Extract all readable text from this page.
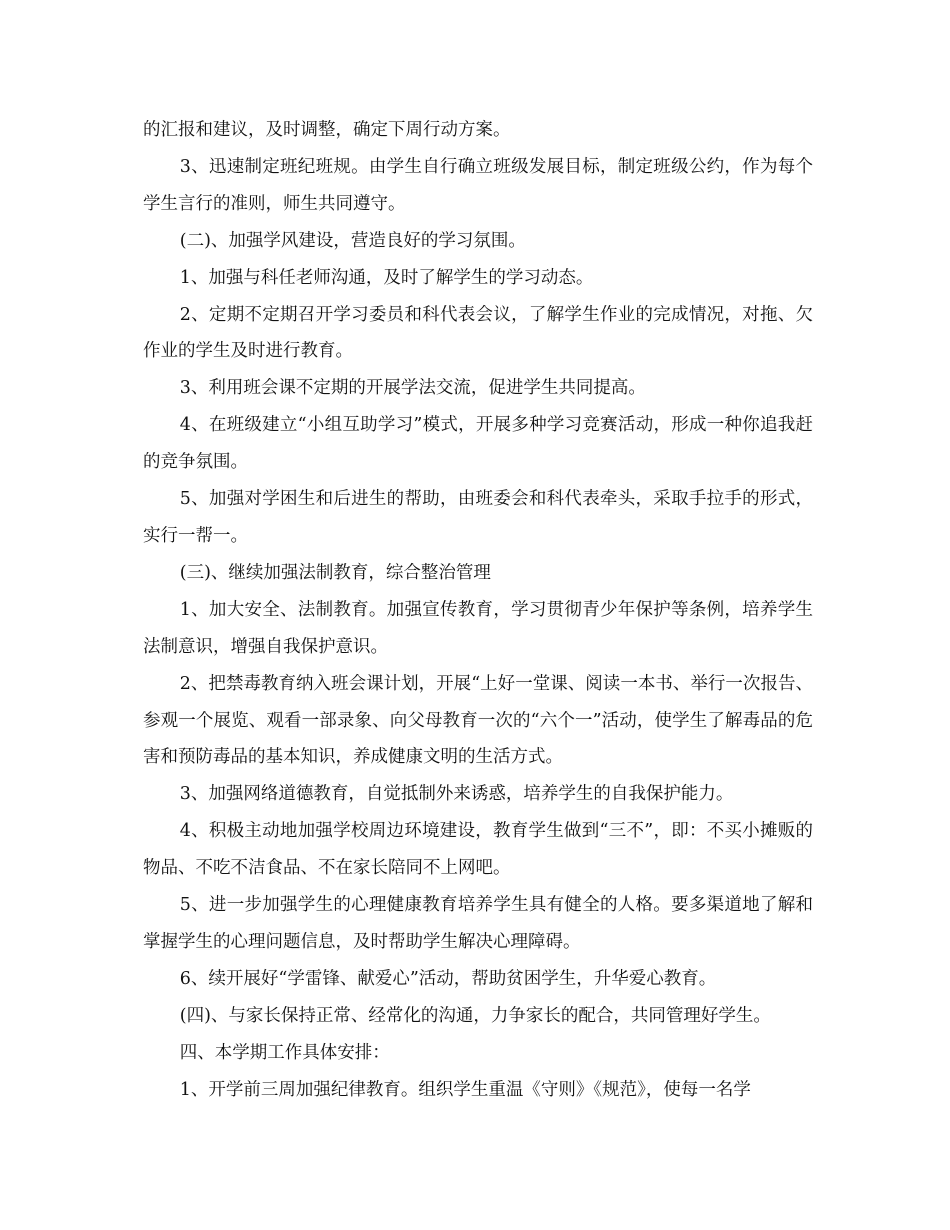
的汇报和建议，及时调整，确定下周行动方案。

3、迅速制定班纪班规。由学生自行确立班级发展目标，制定班级公约，作为每个学生言行的准则，师生共同遵守。

(二)、加强学风建设，营造良好的学习氛围。

1、加强与科任老师沟通，及时了解学生的学习动态。

2、定期不定期召开学习委员和科代表会议，了解学生作业的完成情况，对拖、欠作业的学生及时进行教育。

3、利用班会课不定期的开展学法交流，促进学生共同提高。

4、在班级建立“小组互助学习”模式，开展多种学习竞赛活动，形成一种你追我赶的竞争氛围。

5、加强对学困生和后进生的帮助，由班委会和科代表牵头，采取手拉手的形式，实行一帮一。

(三)、继续加强法制教育，综合整治管理

1、加大安全、法制教育。加强宣传教育，学习贯彻青少年保护等条例，培养学生法制意识，增强自我保护意识。

2、把禁毒教育纳入班会课计划，开展“上好一堂课、阅读一本书、举行一次报告、参观一个展览、观看一部录象、向父母教育一次的“六个一”活动，使学生了解毒品的危害和预防毒品的基本知识，养成健康文明的生活方式。

3、加强网络道德教育，自觉抵制外来诱惑，培养学生的自我保护能力。

4、积极主动地加强学校周边环境建设，教育学生做到“三不”，即：不买小摊贩的物品、不吃不洁食品、不在家长陪同不上网吧。

5、进一步加强学生的心理健康教育培养学生具有健全的人格。要多渠道地了解和掌握学生的心理问题信息，及时帮助学生解决心理障碍。

6、续开展好“学雷锋、献爱心”活动，帮助贫困学生，升华爱心教育。

(四)、与家长保持正常、经常化的沟通，力争家长的配合，共同管理好学生。

四、本学期工作具体安排：

1、开学前三周加强纪律教育。组织学生重温《守则》《规范》，使每一名学
